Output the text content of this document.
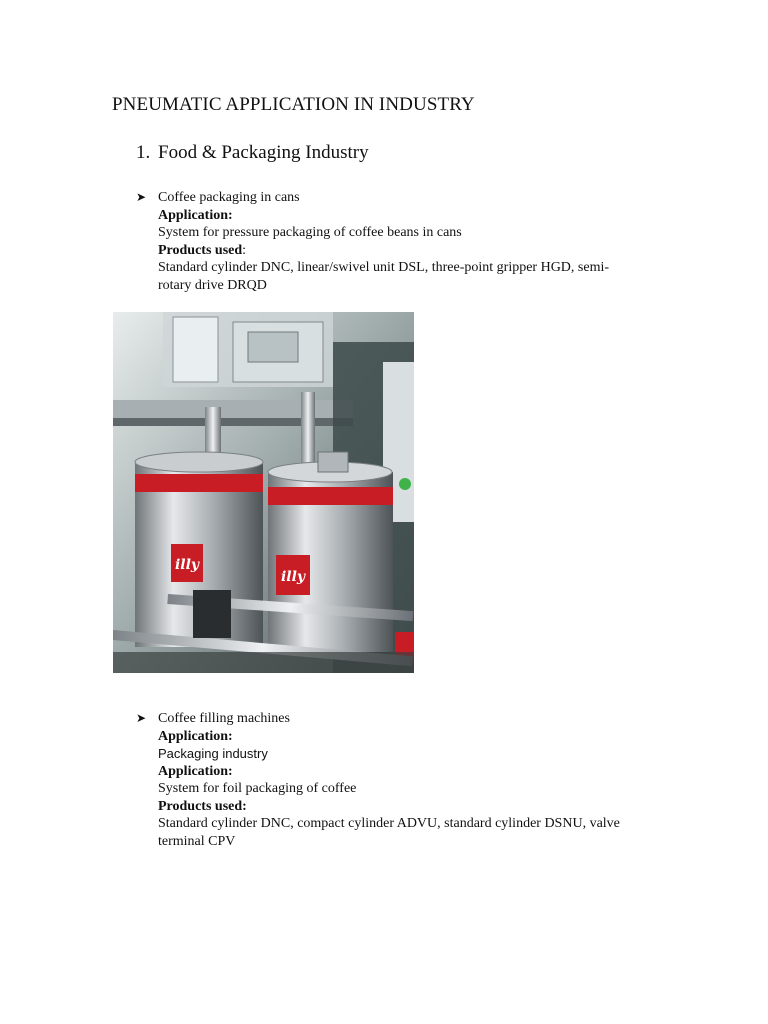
PNEUMATIC APPLICATION IN INDUSTRY
1. Food & Packaging Industry
➤ Coffee packaging in cans
Application:
System for pressure packaging of coffee beans in cans
Products used:
Standard cylinder DNC, linear/swivel unit DSL, three-point gripper HGD, semi-
rotary drive DRQD
illy
illy
➤ Coffee filling machines
Application:
Packaging industry
Application:
System for foil packaging of coffee
Products used:
Standard cylinder DNC, compact cylinder ADVU, standard cylinder DSNU, valve
terminal CPV
